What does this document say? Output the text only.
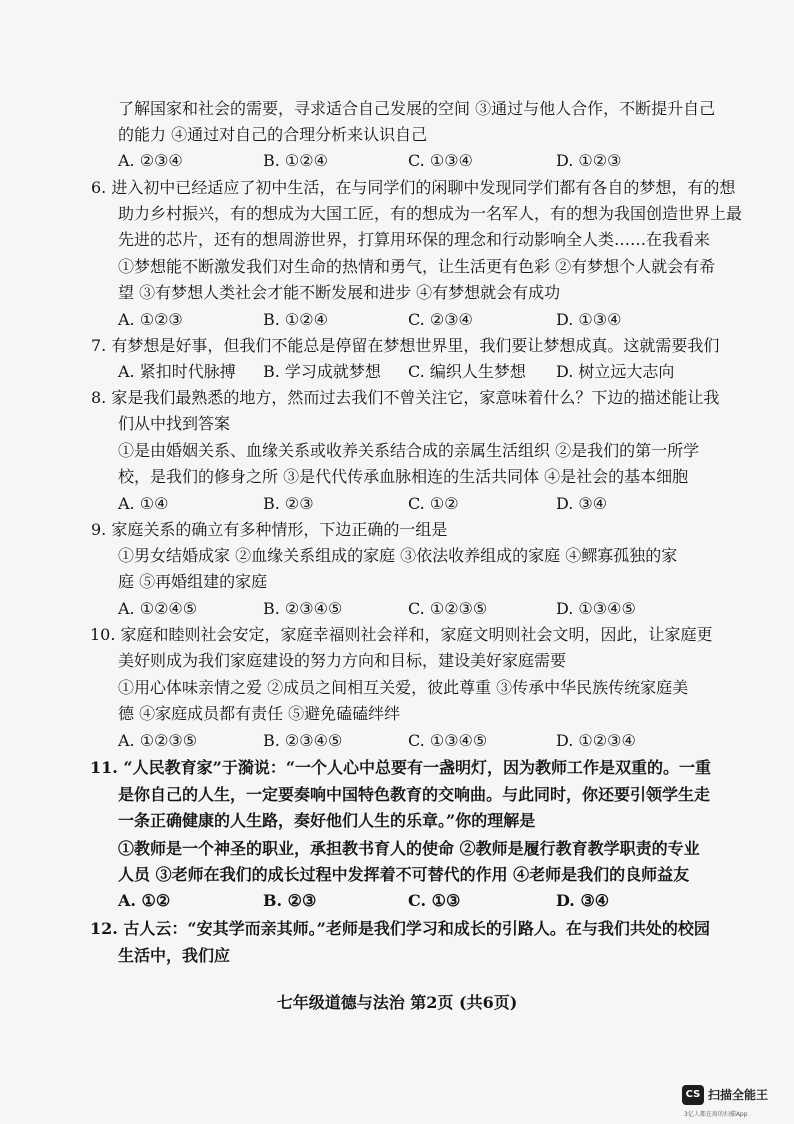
了解国家和社会的需要，寻求适合自己发展的空间 ③通过与他人合作，不断提升自己
的能力 ④通过对自己的合理分析来认识自己
A. ②③④	B. ①②④	C. ①③④	D. ①②③
6. 进入初中已经适应了初中生活，在与同学们的闲聊中发现同学们都有各自的梦想，有的想
助力乡村振兴，有的想成为大国工匠，有的想成为一名军人，有的想为我国创造世界上最
先进的芯片，还有的想周游世界，打算用环保的理念和行动影响全人类……在我看来
①梦想能不断激发我们对生命的热情和勇气，让生活更有色彩 ②有梦想个人就会有希
望 ③有梦想人类社会才能不断发展和进步 ④有梦想就会有成功
A. ①②③	B. ①②④	C. ②③④	D. ①③④
7. 有梦想是好事，但我们不能总是停留在梦想世界里，我们要让梦想成真。这就需要我们
A. 紧扣时代脉搏 B. 学习成就梦想 C. 编织人生梦想 D. 树立远大志向
8. 家是我们最熟悉的地方，然而过去我们不曾关注它，家意味着什么？下边的描述能让我
们从中找到答案
①是由婚姻关系、血缘关系或收养关系结合成的亲属生活组织 ②是我们的第一所学
校，是我们的修身之所 ③是代代传承血脉相连的生活共同体 ④是社会的基本细胞
A. ①④	B. ②③	C. ①②	D. ③④
9. 家庭关系的确立有多种情形，下边正确的一组是
①男女结婚成家 ②血缘关系组成的家庭 ③依法收养组成的家庭 ④鳏寡孤独的家
庭 ⑤再婚组建的家庭
A. ①②④⑤	B. ②③④⑤	C. ①②③⑤	D. ①③④⑤
10. 家庭和睦则社会安定，家庭幸福则社会祥和，家庭文明则社会文明，因此，让家庭更
美好则成为我们家庭建设的努力方向和目标，建设美好家庭需要
①用心体味亲情之爱 ②成员之间相互关爱，彼此尊重 ③传承中华民族传统家庭美
德 ④家庭成员都有责任 ⑤避免磕磕绊绊
A. ①②③⑤	B. ②③④⑤	C. ①③④⑤	D. ①②③④
11. “人民教育家”于漪说：“一个人心中总要有一盏明灯，因为教师工作是双重的。一重
是你自己的人生，一定要奏响中国特色教育的交响曲。与此同时，你还要引领学生走
一条正确健康的人生路，奏好他们人生的乐章。”你的理解是
①教师是一个神圣的职业，承担教书育人的使命 ②教师是履行教育教学职责的专业
人员 ③老师在我们的成长过程中发挥着不可替代的作用 ④老师是我们的良师益友
A. ①②	B. ②③	C. ①③	D. ③④
12. 古人云：“安其学而亲其师。”老师是我们学习和成长的引路人。在与我们共处的校园
生活中，我们应
七年级道德与法治 第2页 (共6页)
CS 扫描全能王
3亿人都在用的扫描App
